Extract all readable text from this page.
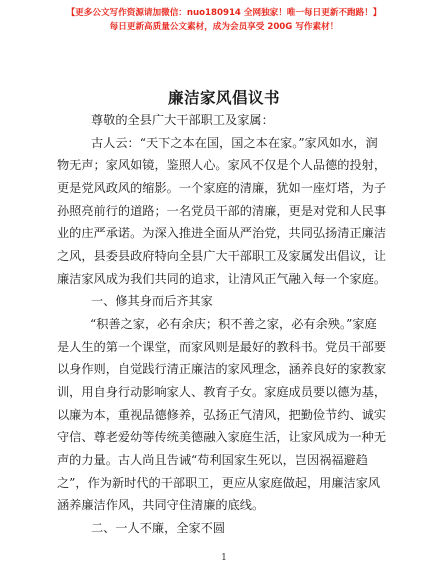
【更多公文写作资源请加微信：nuo180914 全网独家！唯一每日更新不跑路！】
每日更新高质量公文素材，成为会员享受 200G 写作素材！
廉洁家风倡议书
尊敬的全县广大干部职工及家属：
古人云：“天下之本在国，国之本在家。”家风如水，润
物无声；家风如镜，鉴照人心。家风不仅是个人品德的投射，
更是党风政风的缩影。一个家庭的清廉，犹如一座灯塔，为子
孙照亮前行的道路；一名党员干部的清廉，更是对党和人民事
业的庄严承诺。为深入推进全面从严治党，共同弘扬清正廉洁
之风，县委县政府特向全县广大干部职工及家属发出倡议，让
廉洁家风成为我们共同的追求，让清风正气融入每一个家庭。
一、修其身而后齐其家
“积善之家，必有余庆；积不善之家，必有余殃。”家庭
是人生的第一个课堂，而家风则是最好的教科书。党员干部要
以身作则，自觉践行清正廉洁的家风理念，涵养良好的家教家
训，用自身行动影响家人、教育子女。家庭成员要以德为基，
以廉为本，重视品德修养，弘扬正气清风，把勤俭节约、诚实
守信、尊老爱幼等传统美德融入家庭生活，让家风成为一种无
声的力量。古人尚且告诫“苟利国家生死以，岂因祸福避趋
之”，作为新时代的干部职工，更应从家庭做起，用廉洁家风
涵养廉洁作风，共同守住清廉的底线。
二、一人不廉，全家不圆
1
